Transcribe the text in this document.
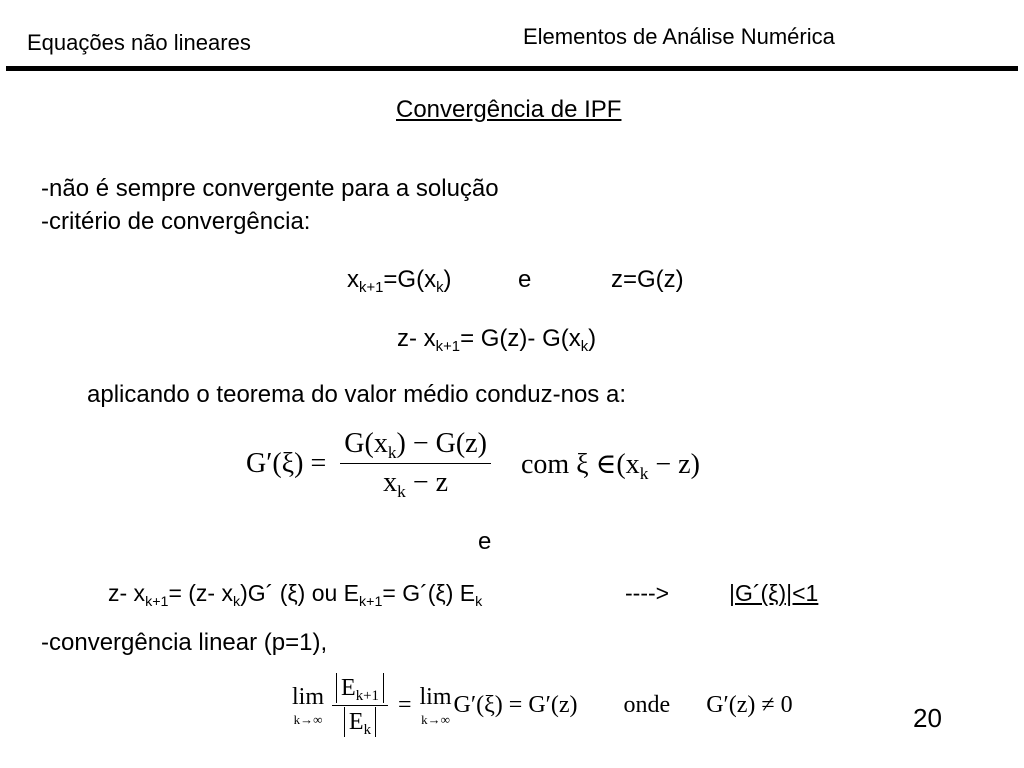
Equações não lineares	Elementos de Análise Numérica
Convergência de IPF
-não é sempre convergente para a solução
-critério de convergência:
$x_{k+1}=G(x_k)$	e	z=G(z)
z- $x_{k+1}= G(z)-$ $G(x_k)$
aplicando o teorema do valor médio conduz-nos a:
$G'(\xi) = \frac{G(x_k) - G(z)}{x_k - z}$ com ξ $\in(x_k - z)$
e
z- $x_{k+1}= (z-$ $x_k)G´$ (ξ) ou $E_{k+1}=$ G´(ξ) $E_k$	---->	|G´(ξ)|<1
-convergência linear (p=1),
lim
$k\to\infty \frac{E_{k+1}}{E_k} = \lim$
k→∞
G′(ξ) = G′(z) onde G′(z) ≠ 0	20
